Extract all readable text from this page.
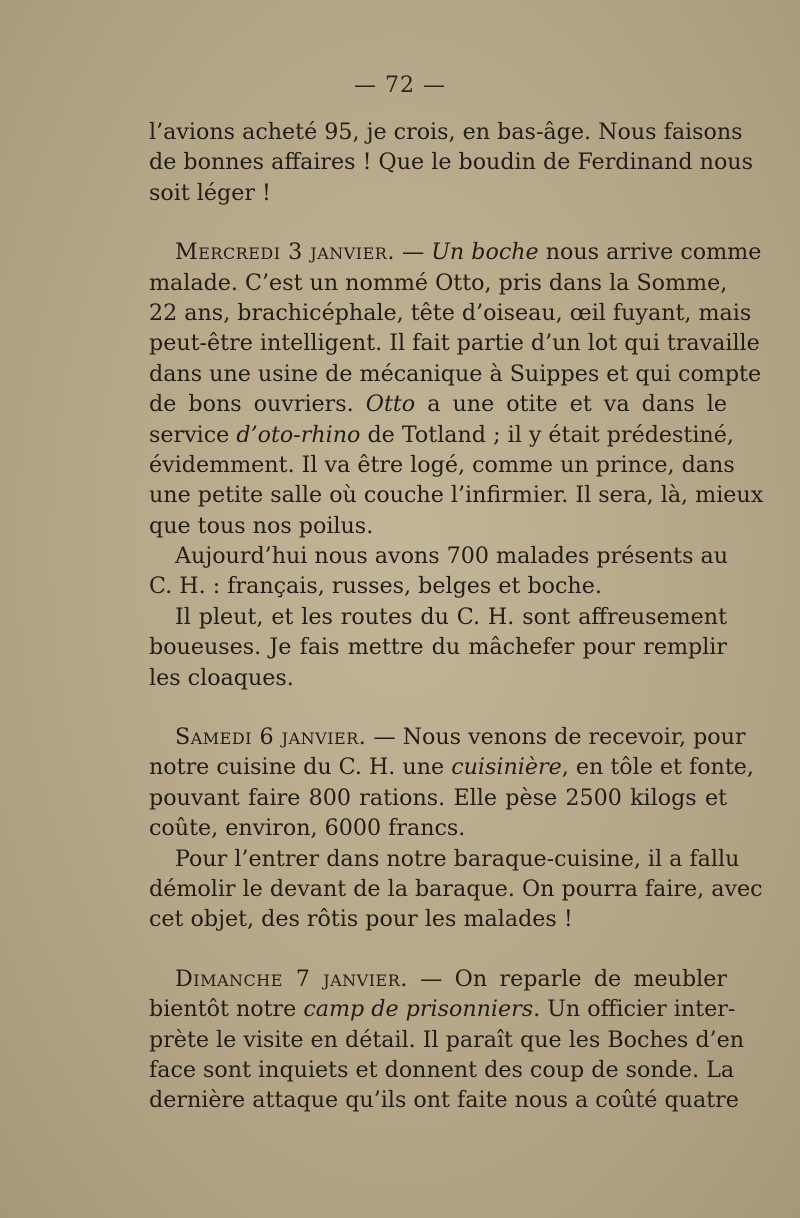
— 72 —
l’avions acheté 95, je crois, en bas-âge. Nous faisons
de bonnes affaires ! Que le boudin de Ferdinand nous
soit léger !
Mercredi 3 janvier. — Un boche nous arrive comme
malade. C’est un nommé Otto, pris dans la Somme,
22 ans, brachicéphale, tête d’oiseau, œil fuyant, mais
peut-être intelligent. Il fait partie d’un lot qui travaille
dans une usine de mécanique à Suippes et qui compte
de bons ouvriers. Otto a une otite et va dans le
service d’oto-rhino de Totland ; il y était prédestiné,
évidemment. Il va être logé, comme un prince, dans
une petite salle où couche l’infirmier. Il sera, là, mieux
que tous nos poilus.
Aujourd’hui nous avons 700 malades présents au
C. H. : français, russes, belges et boche.
Il pleut, et les routes du C. H. sont affreusement
boueuses. Je fais mettre du mâchefer pour remplir
les cloaques.
Samedi 6 janvier. — Nous venons de recevoir, pour
notre cuisine du C. H. une cuisinière, en tôle et fonte,
pouvant faire 800 rations. Elle pèse 2500 kilogs et
coûte, environ, 6000 francs.
Pour l’entrer dans notre baraque-cuisine, il a fallu
démolir le devant de la baraque. On pourra faire, avec
cet objet, des rôtis pour les malades !
Dimanche 7 janvier. — On reparle de meubler
bientôt notre camp de prisonniers. Un officier inter-
prète le visite en détail. Il paraît que les Boches d’en
face sont inquiets et donnent des coup de sonde. La
dernière attaque qu’ils ont faite nous a coûté quatre
